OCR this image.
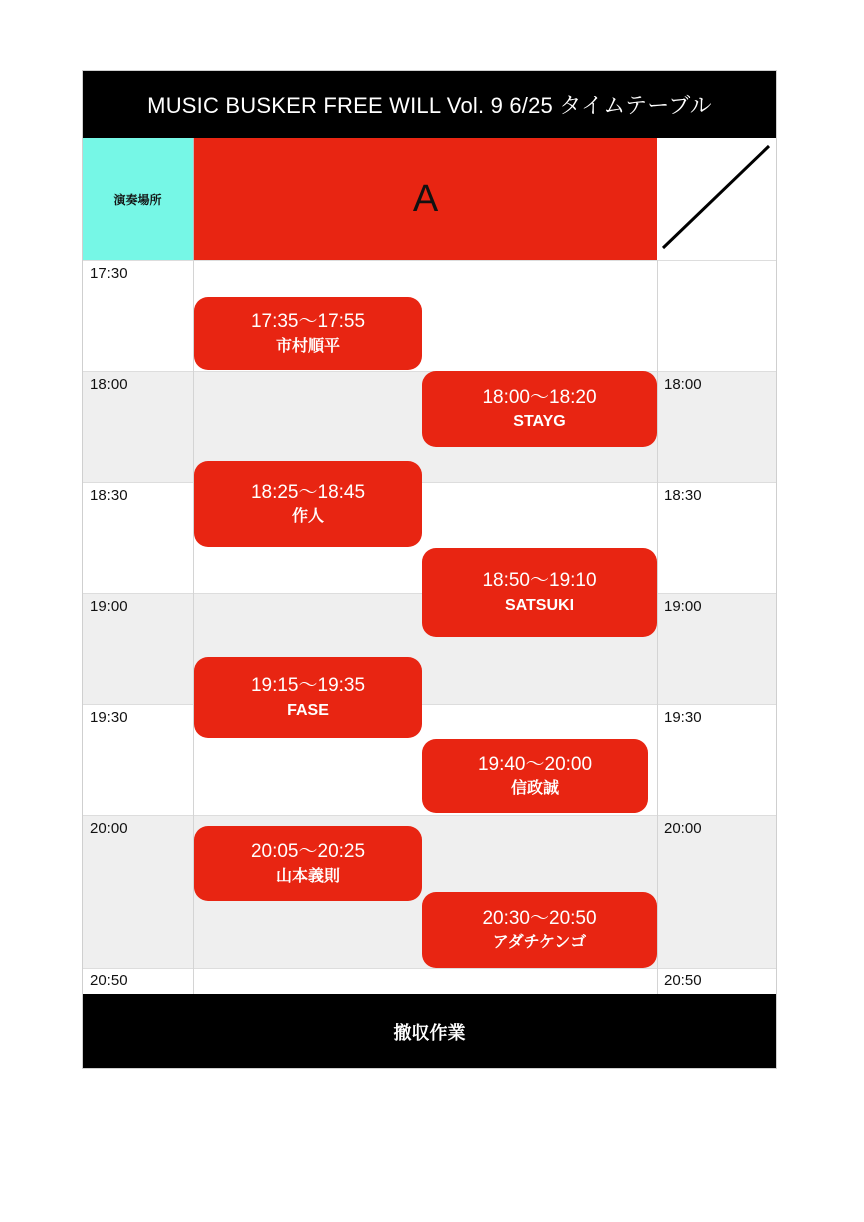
MUSIC BUSKER FREE WILL Vol. 9 6/25 タイムテーブル
演奏場所	A
17:30
18:00
18:30
19:00
19:30
20:00
20:50
18:00
18:30
19:00
19:30
20:00
20:50
17:35〜17:55
市村順平
18:00〜18:20
STAYG
18:25〜18:45
作人
18:50〜19:10
SATSUKI
19:15〜19:35
FASE
19:40〜20:00
信政誠
20:05〜20:25
山本義則
20:30〜20:50
アダチケンゴ
撤収作業
